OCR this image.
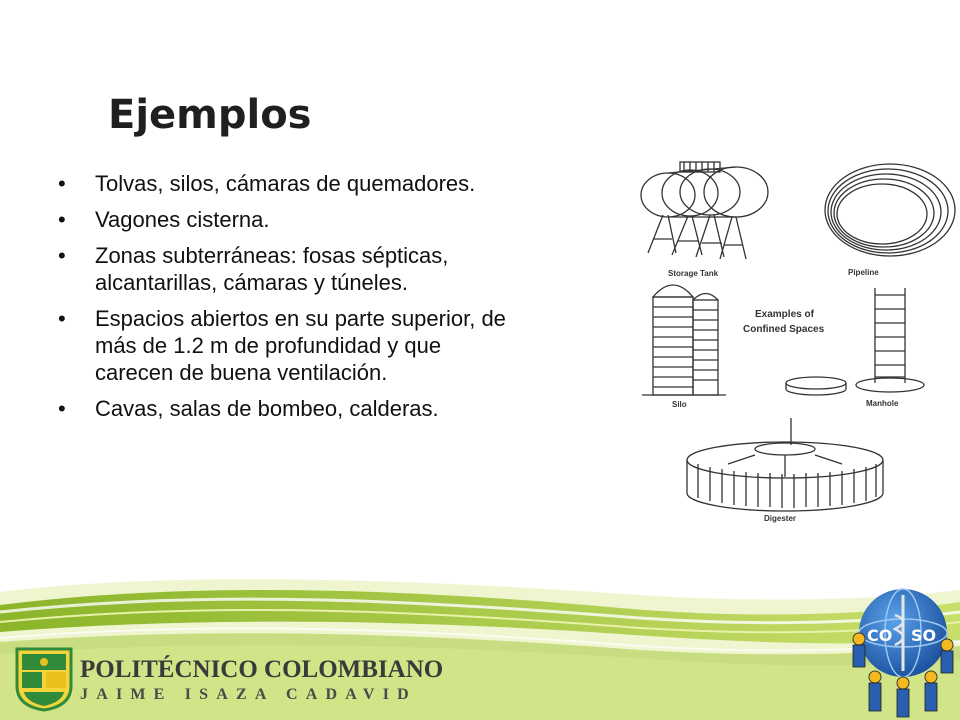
Ejemplos
• Tolvas, silos, cámaras de quemadores.
• Vagones cisterna.
• Zonas subterráneas: fosas sépticas,
alcantarillas, cámaras y túneles.
• Espacios abiertos en su parte superior, de
más de 1.2 m de profundidad y que
carecen de buena ventilación.
• Cavas, salas de bombeo, calderas.
Storage Tank	Pipeline
Examples of
Confined Spaces
Silo	Manhole
Digester
POLITÉCNICO COLOMBIANO
JAIME ISAZA CADAVID
CO SO
